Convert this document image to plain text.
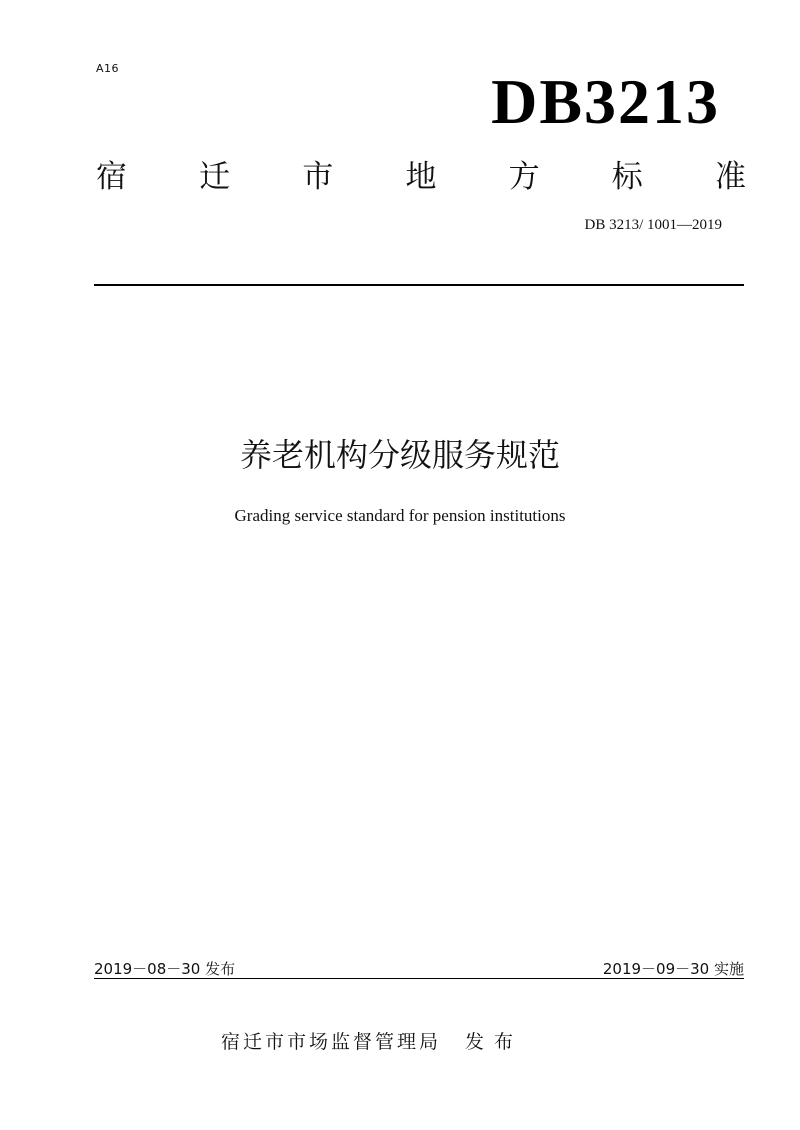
A16	DB3213
宿 迁 市 地 方 标 准
DB 3213/ 1001—2019
养老机构分级服务规范
Grading service standard for pension institutions
2019－08－30 发布	2019－09－30 实施
宿迁市市场监督管理局 发布
